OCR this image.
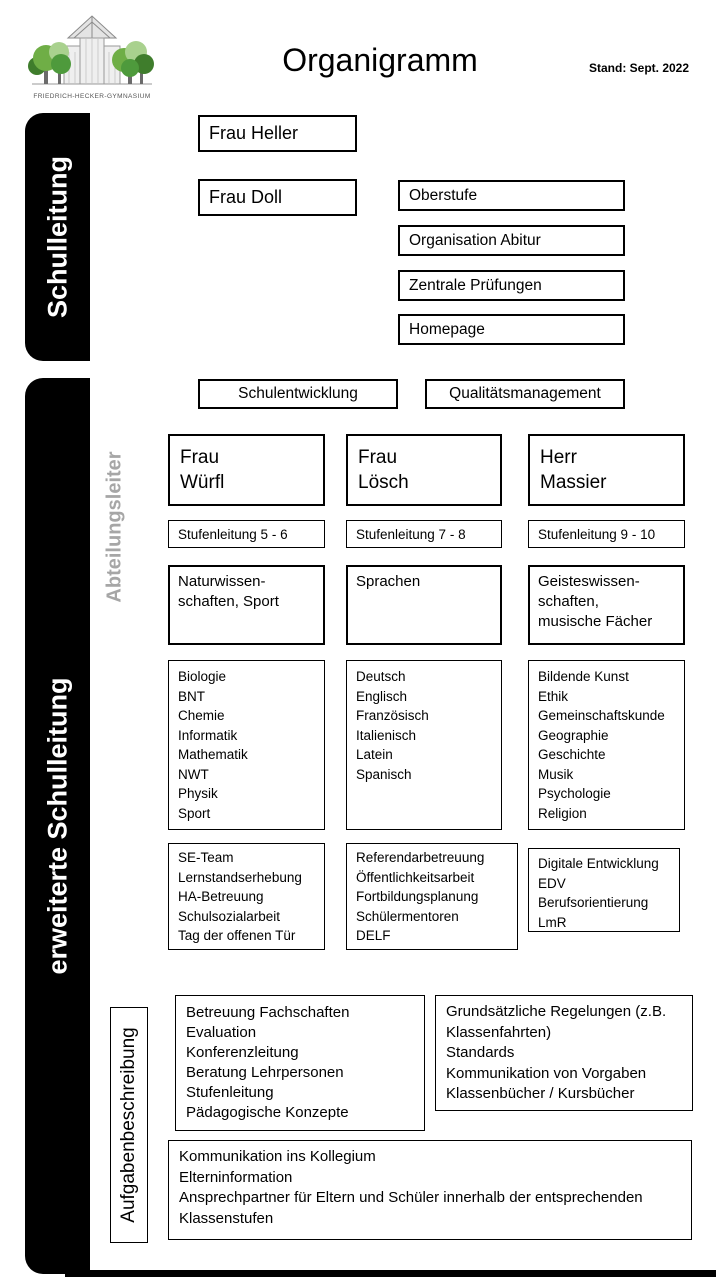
FRIEDRICH-HECKER-GYMNASIUM
Organigramm	Stand: Sept. 2022
Schulleitung
erweiterte Schulleitung
Frau Heller
Frau Doll	Oberstufe
Organisation Abitur
Zentrale Prüfungen
Homepage
Schulentwicklung	Qualitätsmanagement
Abteilungsleiter
Aufgabenbeschreibung
Frau
Würfl
Stufenleitung 5 - 6
Naturwissen-
schaften, Sport
Biologie
BNT
Chemie
Informatik
Mathematik
NWT
Physik
Sport
SE-Team
Lernstandserhebung
HA-Betreuung
Schulsozialarbeit
Tag der offenen Tür
Frau
Lösch
Stufenleitung 7 - 8
Sprachen
Deutsch
Englisch
Französisch
Italienisch
Latein
Spanisch
Referendarbetreuung
Öffentlichkeitsarbeit
Fortbildungsplanung
Schülermentoren
DELF
Herr
Massier
Stufenleitung 9 - 10
Geisteswissen-
schaften,
musische Fächer
Bildende Kunst
Ethik
Gemeinschaftskunde
Geographie
Geschichte
Musik
Psychologie
Religion
Digitale Entwicklung
EDV
Berufsorientierung
LmR
Betreuung Fachschaften
Evaluation
Konferenzleitung
Beratung Lehrpersonen
Stufenleitung
Pädagogische Konzepte
Grundsätzliche Regelungen (z.B. Klassenfahrten)
Standards
Kommunikation von Vorgaben
Klassenbücher / Kursbücher
Kommunikation ins Kollegium
Elterninformation
Ansprechpartner für Eltern und Schüler innerhalb der entsprechenden Klassenstufen
